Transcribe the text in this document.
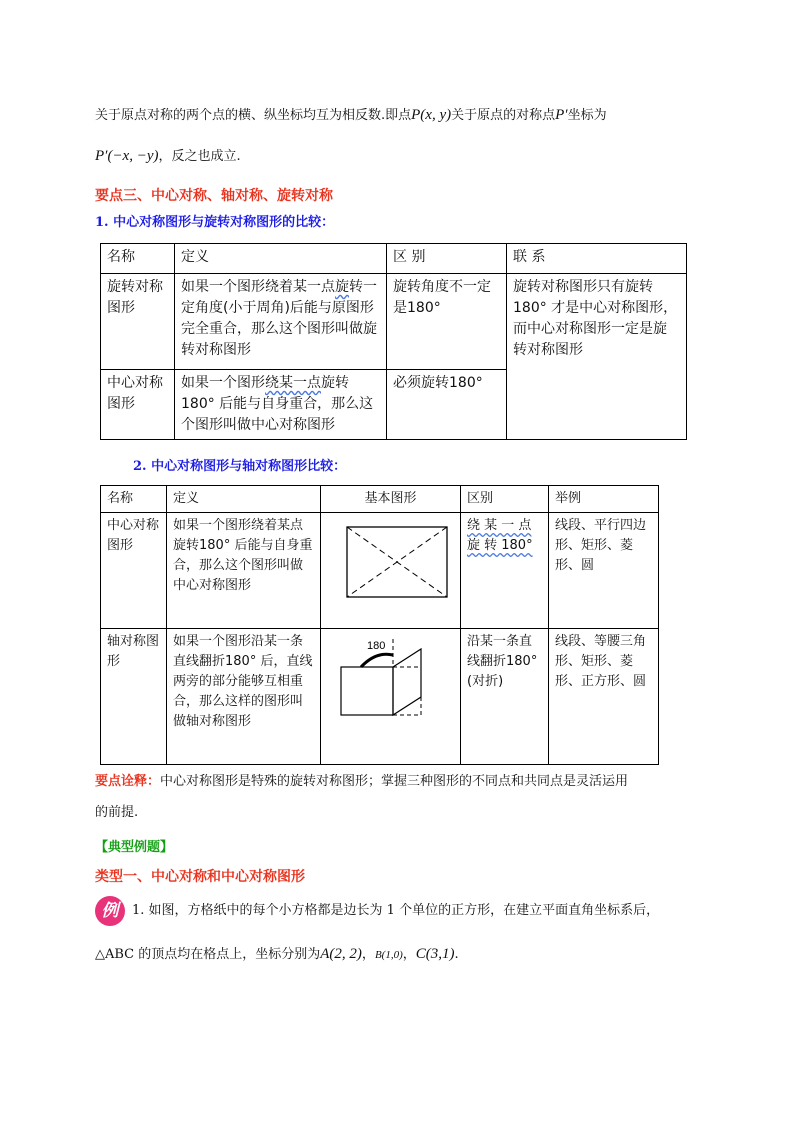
关于原点对称的两个点的横、纵坐标均互为相反数.即点P(x, y)关于原点的对称点P′坐标为
P′(−x, −y)，反之也成立.
要点三、中心对称、轴对称、旋转对称
1. 中心对称图形与旋转对称图形的比较：
名称	定义	区 别	联 系
旋转对称图形	如果一个图形绕着某一点旋转一定角度(小于周角)后能与原图形完全重合，那么这个图形叫做旋转对称图形	旋转角度不一定是180°	旋转对称图形只有旋转180° 才是中心对称图形，而中心对称图形一定是旋转对称图形
中心对称图形	如果一个图形绕某一点旋转180° 后能与自身重合，那么这个图形叫做中心对称图形	必须旋转180°	
2. 中心对称图形与轴对称图形比较：
名称	定义	基本图形	区别	举例
中心对称图形	如果一个图形绕着某点旋转180° 后能与自身重合，那么这个图形叫做中心对称图形		绕 某 一 点 旋 转 180°	线段、平行四边形、矩形、菱形、圆
轴对称图形	如果一个图形沿某一条直线翻折180° 后，直线两旁的部分能够互相重合，那么这样的图形叫做轴对称图形	180	沿某一条直线翻折180° (对折)	线段、等腰三角形、矩形、菱形、正方形、圆
要点诠释：中心对称图形是特殊的旋转对称图形；掌握三种图形的不同点和共同点是灵活运用
的前提.
【典型例题】
类型一、中心对称和中心对称图形
例	1. 如图，方格纸中的每个小方格都是边长为 1 个单位的正方形，在建立平面直角坐标系后，
△ABC 的顶点均在格点上，坐标分别为A(2, 2)，B(1,0)，C(3,1).
